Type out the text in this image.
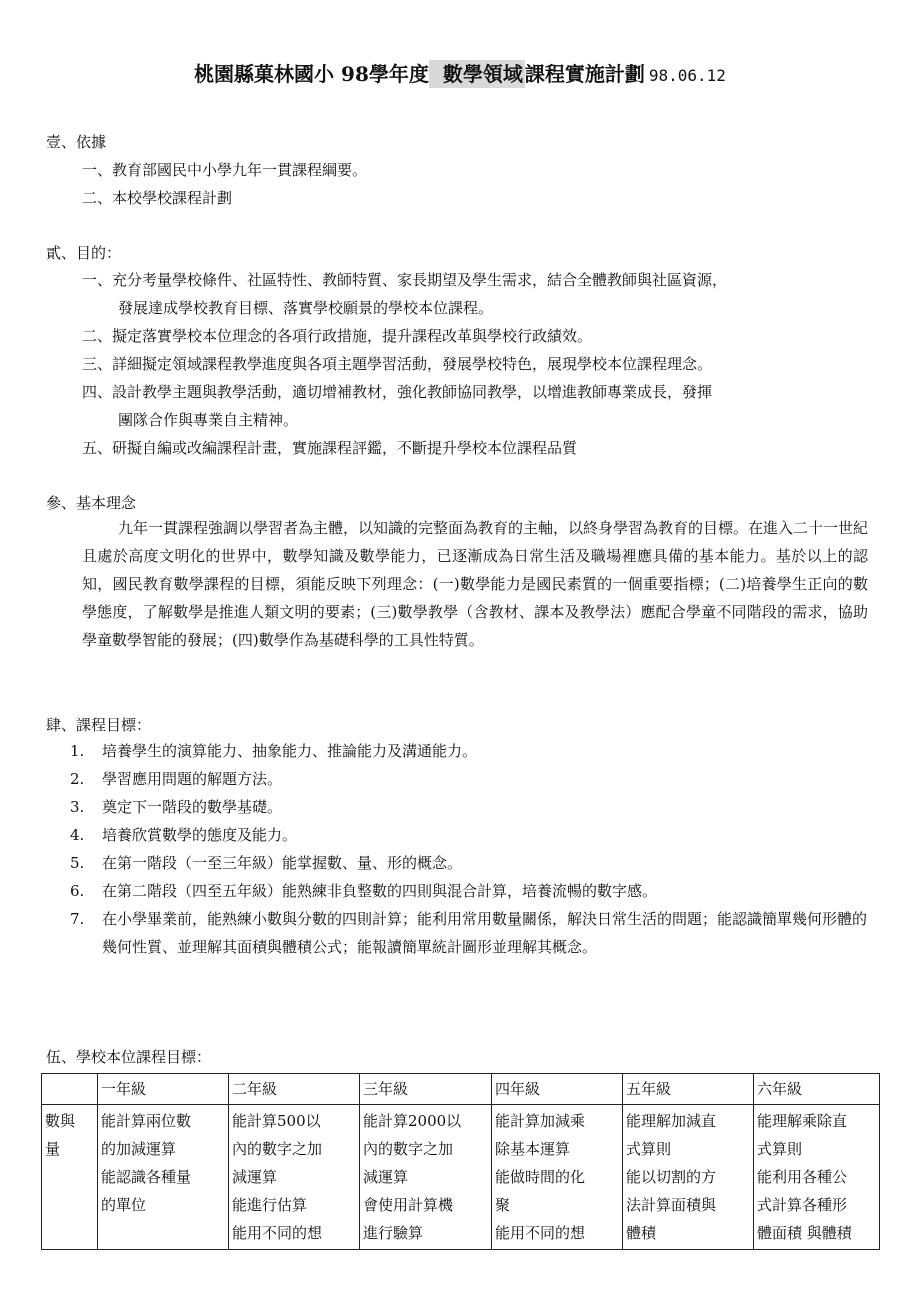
桃園縣菓林國小 98學年度 數學領域 課程實施計劃 98.06.12
壹、依據
一、教育部國民中小學九年一貫課程綱要。
二、本校學校課程計劃
貳、目的：
一、充分考量學校條件、社區特性、教師特質、家長期望及學生需求，結合全體教師與社區資源，
發展達成學校教育目標、落實學校願景的學校本位課程。
二、擬定落實學校本位理念的各項行政措施，提升課程改革與學校行政績效。
三、詳細擬定領域課程教學進度與各項主題學習活動，發展學校特色，展現學校本位課程理念。
四、設計教學主題與教學活動，適切增補教材，強化教師協同教學，以增進教師專業成長，發揮
團隊合作與專業自主精神。
五、研擬自編或改編課程計畫，實施課程評鑑，不斷提升學校本位課程品質
參、基本理念
九年一貫課程強調以學習者為主體，以知識的完整面為教育的主軸，以終身學習為教育的目標。在進入二十一世紀且處於高度文明化的世界中，數學知識及數學能力，已逐漸成為日常生活及職場裡應具備的基本能力。基於以上的認知，國民教育數學課程的目標，須能反映下列理念：(一)數學能力是國民素質的一個重要指標；(二)培養學生正向的數學態度，了解數學是推進人類文明的要素；(三)數學教學（含教材、課本及教學法）應配合學童不同階段的需求，協助學童數學智能的發展；(四)數學作為基礎科學的工具性特質。
肆、課程目標：
1. 培養學生的演算能力、抽象能力、推論能力及溝通能力。
2. 學習應用問題的解題方法。
3. 奠定下一階段的數學基礎。
4. 培養欣賞數學的態度及能力。
5. 在第一階段（一至三年級）能掌握數、量、形的概念。
6. 在第二階段（四至五年級）能熟練非負整數的四則與混合計算，培養流暢的數字感。
7. 在小學畢業前，能熟練小數與分數的四則計算；能利用常用數量關係，解決日常生活的問題；能認識簡單幾何形體的幾何性質、並理解其面積與體積公式；能報讀簡單統計圖形並理解其概念。
伍、學校本位課程目標：
	一年級	二年級	三年級	四年級	五年級	六年級

數與量	能計算兩位數
的加減運算
能認識各種量
的單位	能計算500以
內的數字之加
減運算
能進行估算
能用不同的想	能計算2000以
內的數字之加
減運算
會使用計算機
進行驗算	能計算加減乘
除基本運算
能做時間的化
聚
能用不同的想	能理解加減直
式算則
能以切割的方
法計算面積與
體積	能理解乘除直
式算則
能利用各種公
式計算各種形
體面積 與體積
